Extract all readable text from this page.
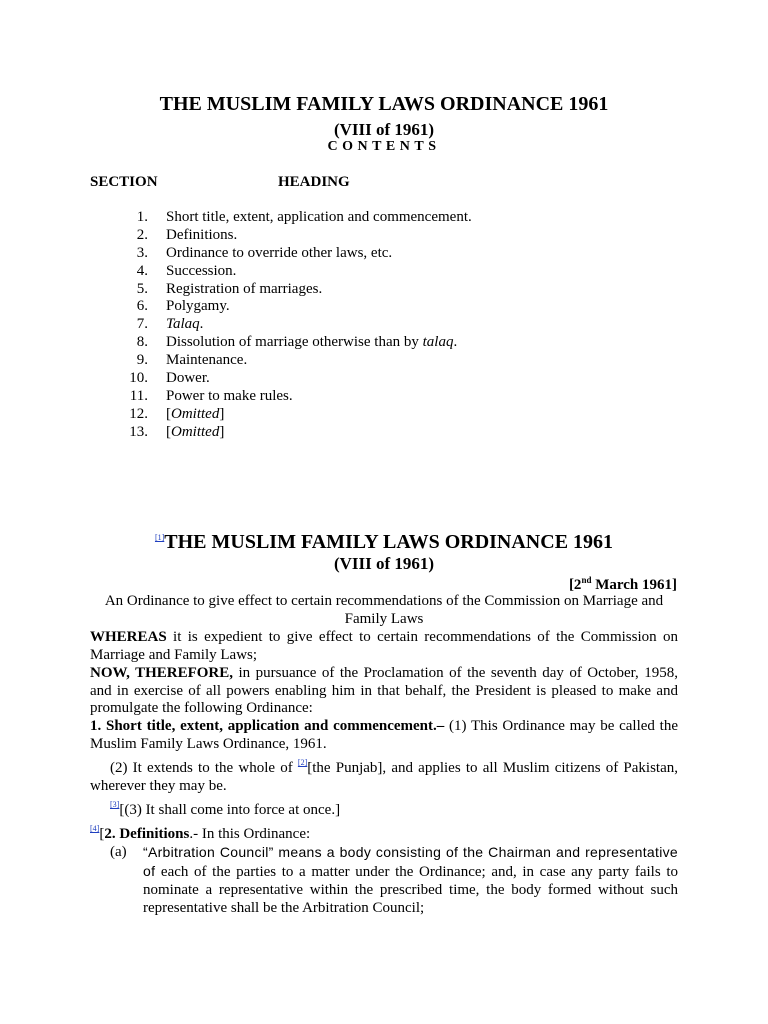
THE MUSLIM FAMILY LAWS ORDINANCE 1961
(VIII of 1961)
CONTENTS
SECTION	HEADING
1. Short title, extent, application and commencement.
2. Definitions.
3. Ordinance to override other laws, etc.
4. Succession.
5. Registration of marriages.
6. Polygamy.
7. Talaq.
8. Dissolution of marriage otherwise than by talaq.
9. Maintenance.
10. Dower.
11. Power to make rules.
12. [Omitted]
13. [Omitted]
[1]THE MUSLIM FAMILY LAWS ORDINANCE 1961
(VIII of 1961)
[2nd March 1961]

An Ordinance to give effect to certain recommendations of the Commission on Marriage and Family Laws

WHEREAS it is expedient to give effect to certain recommendations of the Commission on Marriage and Family Laws;

NOW, THEREFORE, in pursuance of the Proclamation of the seventh day of October, 1958, and in exercise of all powers enabling him in that behalf, the President is pleased to make and promulgate the following Ordinance:

1. Short title, extent, application and commencement.– (1) This Ordinance may be called the Muslim Family Laws Ordinance, 1961.

(2) It extends to the whole of [2][the Punjab], and applies to all Muslim citizens of Pakistan, wherever they may be.

[3][(3) It shall come into force at once.]

[4][2. Definitions.- In this Ordinance:

(a) “Arbitration Council” means a body consisting of the Chairman and representative of each of the parties to a matter under the Ordinance; and, in case any party fails to nominate a representative within the prescribed time, the body formed without such representative shall be the Arbitration Council;
